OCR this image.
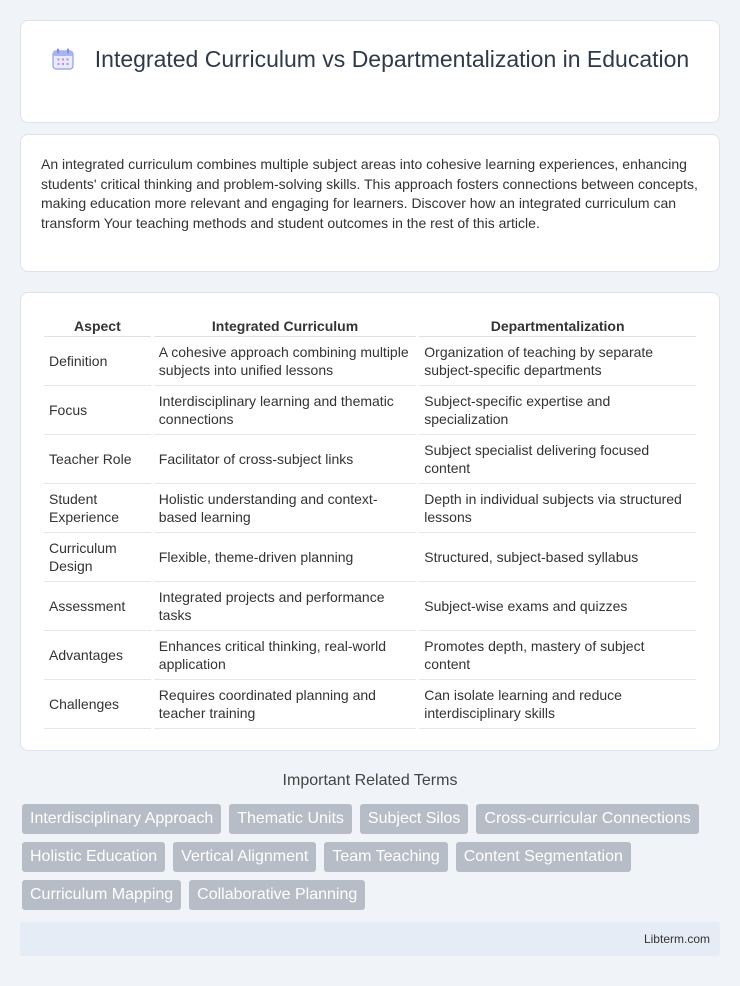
Integrated Curriculum vs Departmentalization in Education

An integrated curriculum combines multiple subject areas into cohesive learning experiences, enhancing students' critical thinking and problem-solving skills. This approach fosters connections between concepts, making education more relevant and engaging for learners. Discover how an integrated curriculum can transform Your teaching methods and student outcomes in the rest of this article.

Aspect	Integrated Curriculum	Departmentalization
Definition	A cohesive approach combining multiple subjects into unified lessons	Organization of teaching by separate subject-specific departments
Focus	Interdisciplinary learning and thematic connections	Subject-specific expertise and specialization
Teacher Role	Facilitator of cross-subject links	Subject specialist delivering focused content
Student Experience	Holistic understanding and context-based learning	Depth in individual subjects via structured lessons
Curriculum Design	Flexible, theme-driven planning	Structured, subject-based syllabus
Assessment	Integrated projects and performance tasks	Subject-wise exams and quizzes
Advantages	Enhances critical thinking, real-world application	Promotes depth, mastery of subject content
Challenges	Requires coordinated planning and teacher training	Can isolate learning and reduce interdisciplinary skills
Important Related Terms
Interdisciplinary Approach	Thematic Units	Subject Silos	Cross-curricular Connections
Holistic Education	Vertical Alignment	Team Teaching	Content Segmentation
Curriculum Mapping	Collaborative Planning
Libterm.com
